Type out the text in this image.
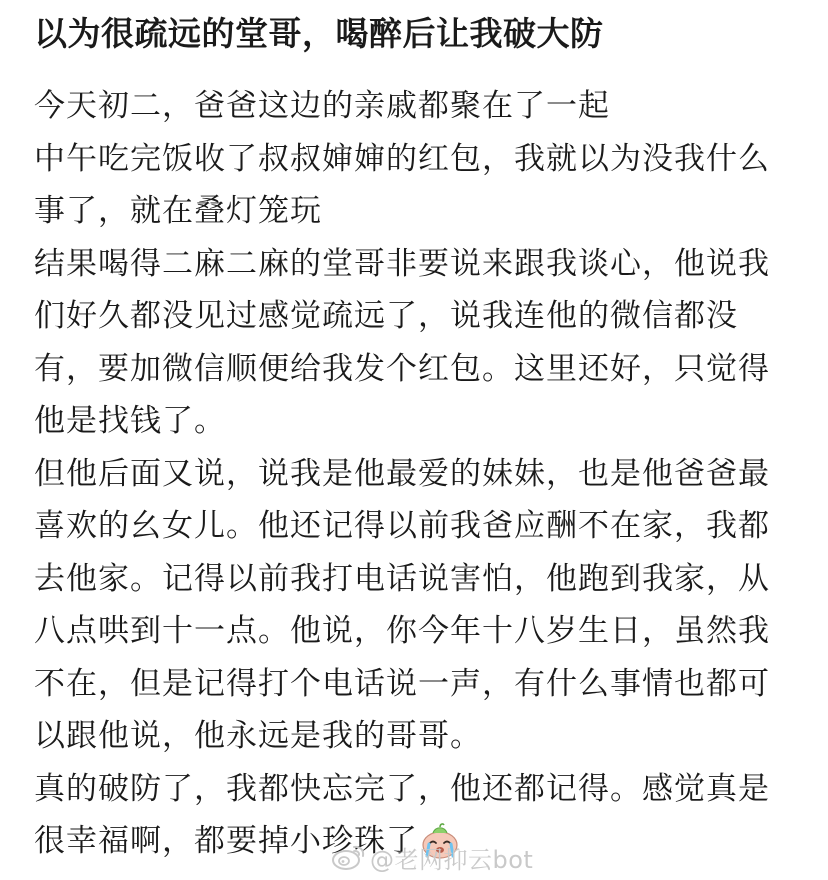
以为很疏远的堂哥，喝醉后让我破大防
今天初二，爸爸这边的亲戚都聚在了一起
中午吃完饭收了叔叔婶婶的红包，我就以为没我什么
事了，就在叠灯笼玩
结果喝得二麻二麻的堂哥非要说来跟我谈心，他说我
们好久都没见过感觉疏远了，说我连他的微信都没
有，要加微信顺便给我发个红包。这里还好，只觉得
他是找钱了。
但他后面又说，说我是他最爱的妹妹，也是他爸爸最
喜欢的幺女儿。他还记得以前我爸应酬不在家，我都
去他家。记得以前我打电话说害怕，他跑到我家，从
八点哄到十一点。他说，你今年十八岁生日，虽然我
不在，但是记得打个电话说一声，有什么事情也都可
以跟他说，他永远是我的哥哥。
真的破防了，我都快忘完了，他还都记得。感觉真是
很幸福啊，都要掉小珍珠了
@老网抑云bot
